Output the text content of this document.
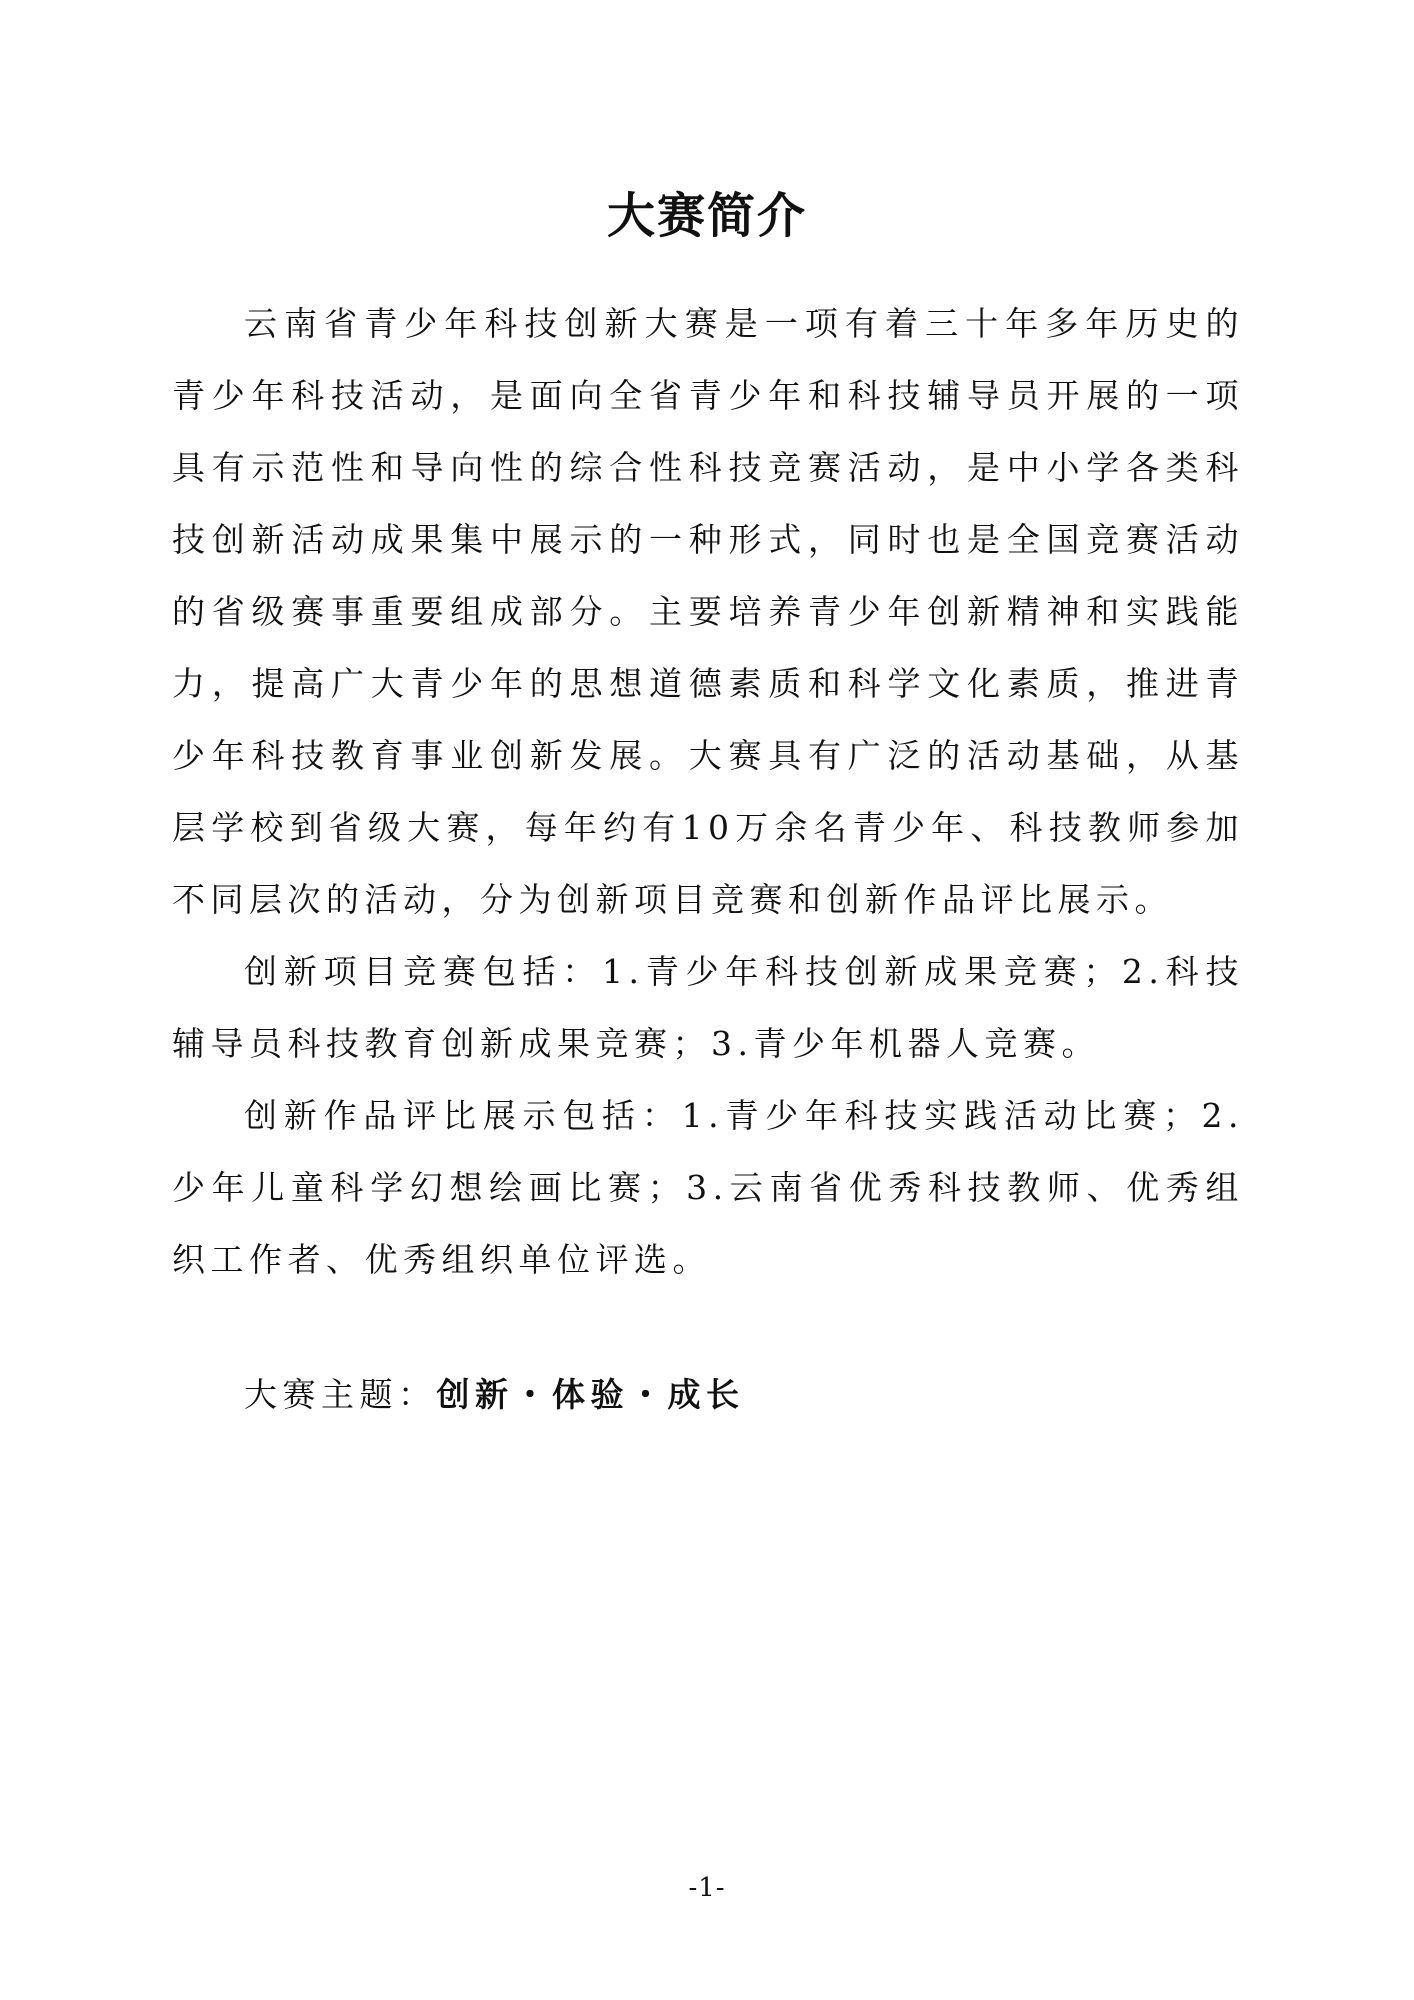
大赛简介

云南省青少年科技创新大赛是一项有着三十年多年历史的青少年科技活动，是面向全省青少年和科技辅导员开展的一项具有示范性和导向性的综合性科技竞赛活动，是中小学各类科技创新活动成果集中展示的一种形式，同时也是全国竞赛活动的省级赛事重要组成部分。主要培养青少年创新精神和实践能力，提高广大青少年的思想道德素质和科学文化素质，推进青少年科技教育事业创新发展。大赛具有广泛的活动基础，从基层学校到省级大赛，每年约有10万余名青少年、科技教师参加不同层次的活动，分为创新项目竞赛和创新作品评比展示。

创新项目竞赛包括：1.青少年科技创新成果竞赛；2.科技辅导员科技教育创新成果竞赛；3.青少年机器人竞赛。

创新作品评比展示包括：1.青少年科技实践活动比赛；2.少年儿童科学幻想绘画比赛；3.云南省优秀科技教师、优秀组织工作者、优秀组织单位评选。

大赛主题：创新・体验・成长
-1-
